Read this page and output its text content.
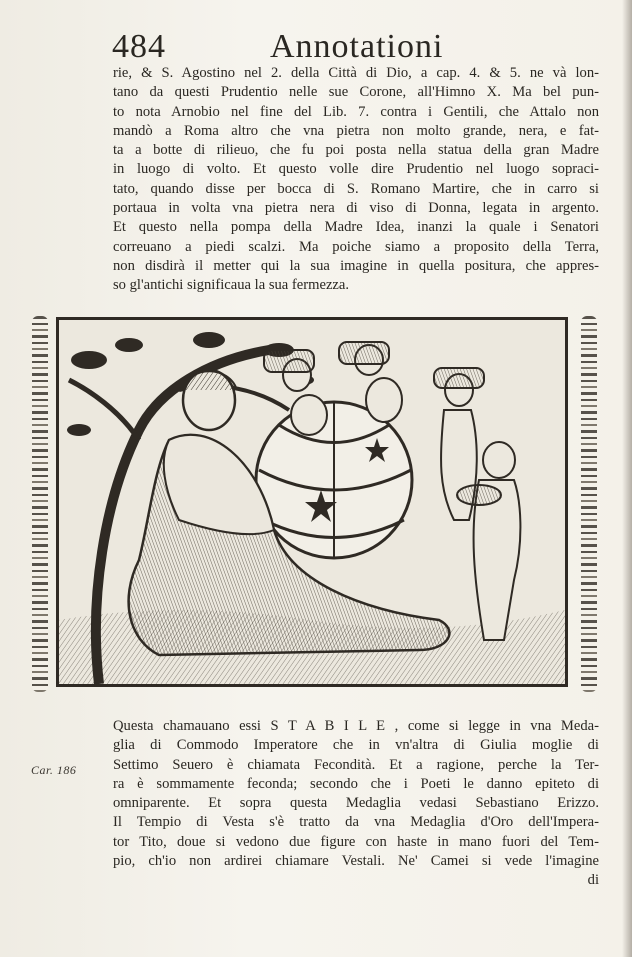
484	Annotationi
rie, & S. Agostino nel 2. della Città di Dio, a cap. 4. & 5. ne và lon-
tano da questi Prudentio nelle sue Corone, all'Himno X. Ma bel pun-
to nota Arnobio nel fine del Lib. 7. contra i Gentili, che Attalo non
mandò a Roma altro che vna pietra non molto grande, nera, e fat-
ta a botte di rilieuo, che fu poi posta nella statua della gran Madre
in luogo di volto. Et questo volle dire Prudentio nel luogo sopraci-
tato, quando disse per bocca di S. Romano Martire, che in carro si
portaua in volta vna pietra nera di viso di Donna, legata in argento.
Et questo nella pompa della Madre Idea, inanzi la quale i Senatori
correuano a piedi scalzi. Ma poiche siamo a proposito della Terra,
non disdirà il metter qui la sua imagine in quella positura, che appres-
so gl'antichi significaua la sua fermezza.
Questa chamauano essi S T A B I L E , come si legge in vna Meda-
glia di Commodo Imperatore che in vn'altra di Giulia moglie di
Settimo Seuero è chiamata Fecondità. Et a ragione, perche la Ter-
ra è sommamente feconda; secondo che i Poeti le danno epiteto di
omniparente. Et sopra questa Medaglia vedasi Sebastiano Erizzo.
Il Tempio di Vesta s'è tratto da vna Medaglia d'Oro dell'Impera-
tor Tito, doue si vedono due figure con haste in mano fuori del Tem-
pio, ch'io non ardirei chiamare Vestali. Ne' Camei si vede l'imagine
di
Car. 186
